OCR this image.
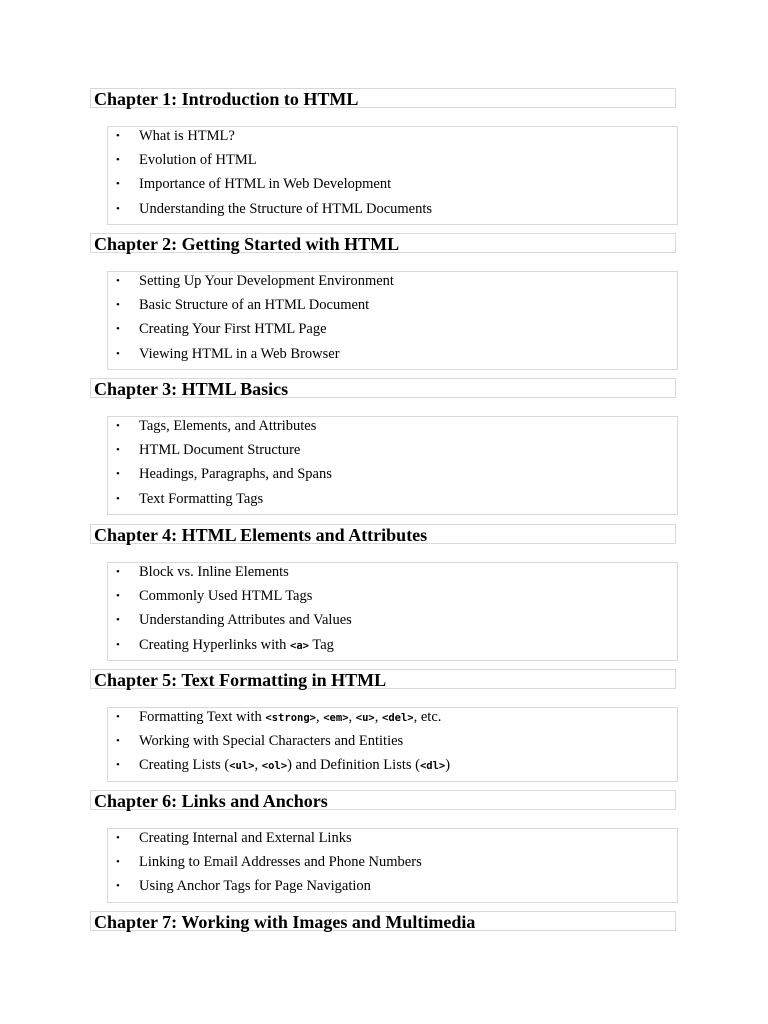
Chapter 1: Introduction to HTML
• What is HTML?
• Evolution of HTML
• Importance of HTML in Web Development
• Understanding the Structure of HTML Documents
Chapter 2: Getting Started with HTML
• Setting Up Your Development Environment
• Basic Structure of an HTML Document
• Creating Your First HTML Page
• Viewing HTML in a Web Browser
Chapter 3: HTML Basics
• Tags, Elements, and Attributes
• HTML Document Structure
• Headings, Paragraphs, and Spans
• Text Formatting Tags
Chapter 4: HTML Elements and Attributes
• Block vs. Inline Elements
• Commonly Used HTML Tags
• Understanding Attributes and Values
• Creating Hyperlinks with <a> Tag
Chapter 5: Text Formatting in HTML
• Formatting Text with <strong>, <em>, <u>, <del>, etc.
• Working with Special Characters and Entities
• Creating Lists (<ul>, <ol>) and Definition Lists (<dl>)
Chapter 6: Links and Anchors
• Creating Internal and External Links
• Linking to Email Addresses and Phone Numbers
• Using Anchor Tags for Page Navigation
Chapter 7: Working with Images and Multimedia
